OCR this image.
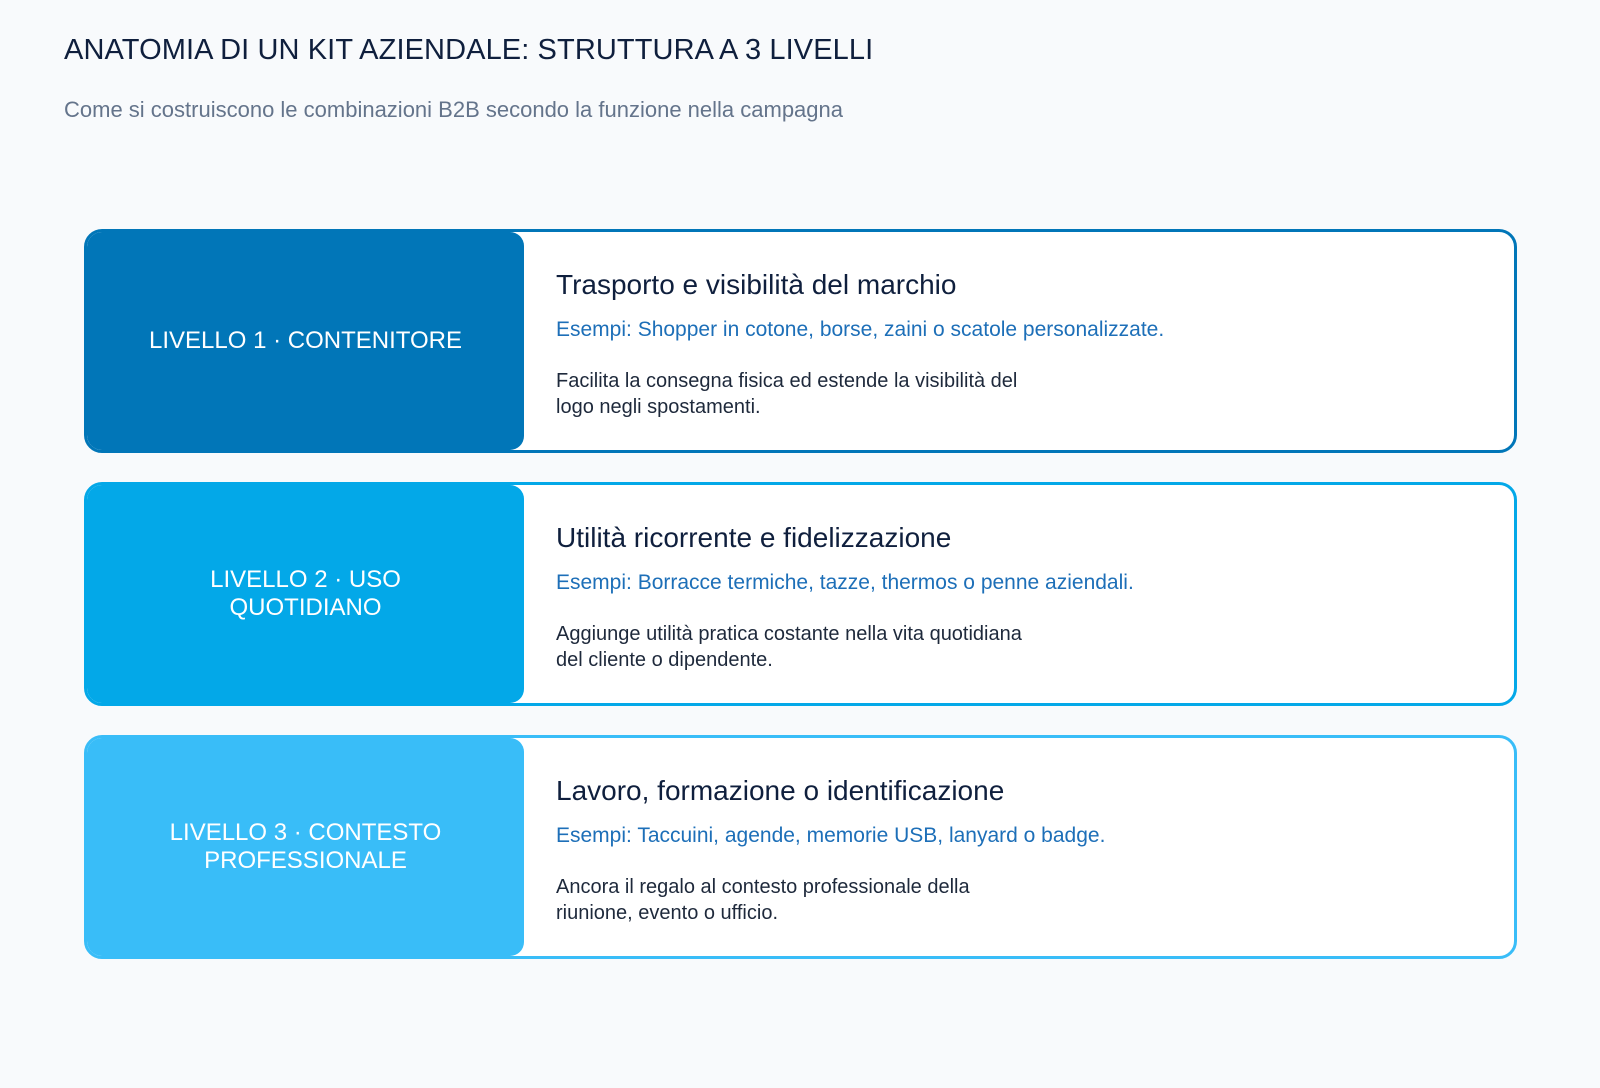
ANATOMIA DI UN KIT AZIENDALE: STRUTTURA A 3 LIVELLI

Come si costruiscono le combinazioni B2B secondo la funzione nella campagna

LIVELLO 1 · CONTENITORE
Trasporto e visibilità del marchio

Esempi: Shopper in cotone, borse, zaini o scatole personalizzate.

Facilita la consegna fisica ed estende la visibilità del logo negli spostamenti.

LIVELLO 2 · USO QUOTIDIANO
Utilità ricorrente e fidelizzazione

Esempi: Borracce termiche, tazze, thermos o penne aziendali.

Aggiunge utilità pratica costante nella vita quotidiana del cliente o dipendente.

LIVELLO 3 · CONTESTO PROFESSIONALE
Lavoro, formazione o identificazione

Esempi: Taccuini, agende, memorie USB, lanyard o badge.

Ancora il regalo al contesto professionale della riunione, evento o ufficio.
